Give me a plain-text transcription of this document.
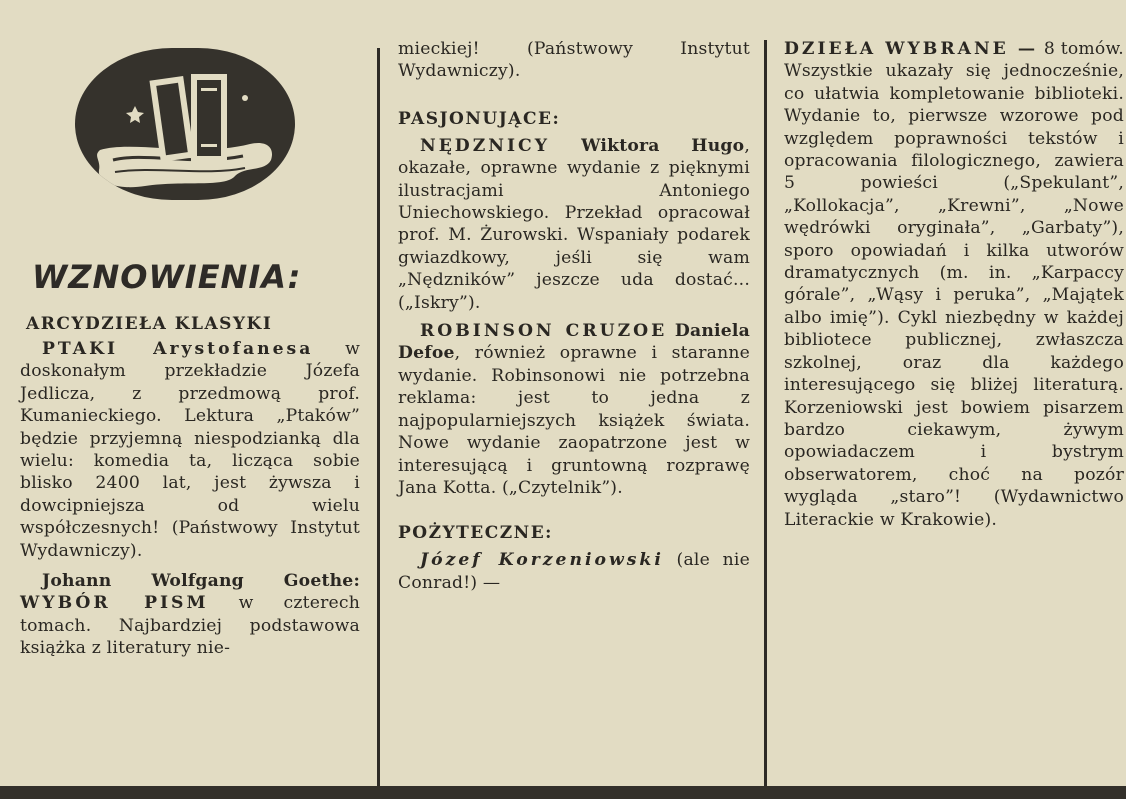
WZNOWIENIA:
ARCYDZIEŁA KLASYKI

PTAKI Arystofanesa w doskonałym przekładzie Józefa Jedlicza, z przedmową prof. Kumanieckiego. Lektura „Ptaków” będzie przyjemną niespodzianką dla wielu: komedia ta, licząca sobie blisko 2400 lat, jest żywsza i dowcipniejsza od wielu współczesnych! (Państwowy Instytut Wydawniczy).

Johann Wolfgang Goethe: WYBÓR PISM w czterech tomach. Najbardziej podstawowa książka z literatury nie-

mieckiej! (Państwowy Instytut Wydawniczy).

PASJONUJĄCE:

NĘDZNICY Wiktora Hugo, okazałe, oprawne wydanie z pięknymi ilustracjami Antoniego Uniechowskiego. Przekład opracował prof. M. Żurowski. Wspaniały podarek gwiazdkowy, jeśli się wam „Nędzników” jeszcze uda dostać... („Iskry”).

ROBINSON CRUZOE Daniela Defoe, również oprawne i staranne wydanie. Robinsonowi nie potrzebna reklama: jest to jedna z najpopularniejszych książek świata. Nowe wydanie zaopatrzone jest w interesującą i gruntowną rozprawę Jana Kotta. („Czytelnik”).

POŻYTECZNE:

Józef Korzeniowski (ale nie Conrad!) —

DZIEŁA WYBRANE — 8 tomów. Wszystkie ukazały się jednocześnie, co ułatwia kompletowanie biblioteki. Wydanie to, pierwsze wzorowe pod względem poprawności tekstów i opracowania filologicznego, zawiera 5 powieści („Spekulant”, „Kollokacja”, „Krewni”, „Nowe wędrówki oryginała”, „Garbaty”), sporo opowiadań i kilka utworów dramatycznych (m. in. „Karpaccy górale”, „Wąsy i peruka”, „Majątek albo imię”). Cykl niezbędny w każdej bibliotece publicznej, zwłaszcza szkolnej, oraz dla każdego interesującego się bliżej literaturą. Korzeniowski jest bowiem pisarzem bardzo ciekawym, żywym opowiadaczem i bystrym obserwatorem, choć na pozór wygląda „staro”! (Wydawnictwo Literackie w Krakowie).
